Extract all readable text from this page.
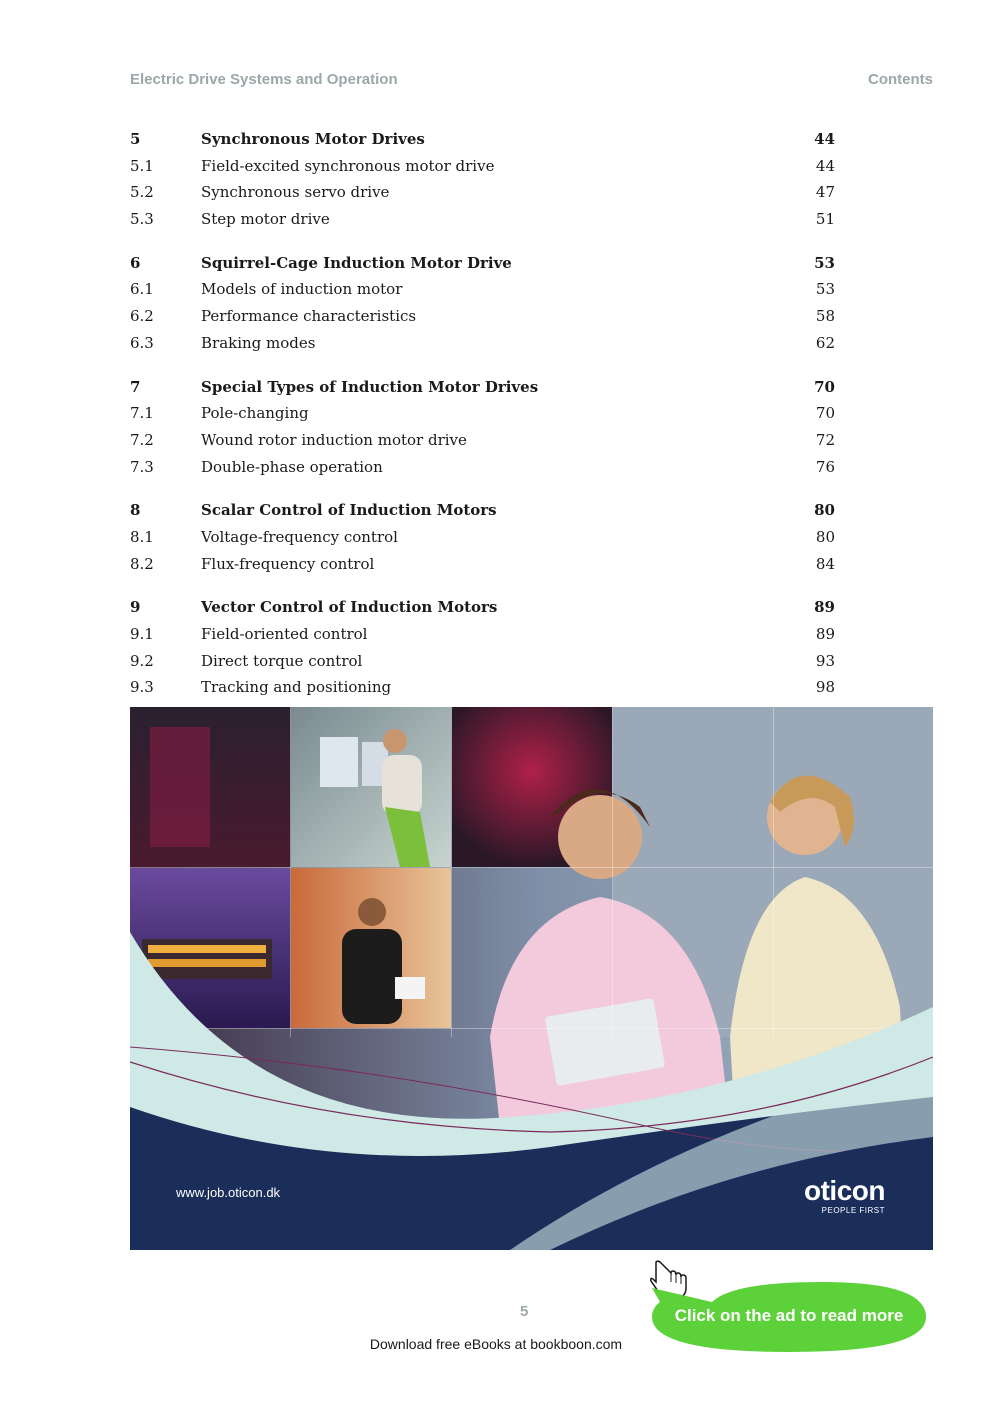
Electric Drive Systems and Operation	Contents
5	Synchronous Motor Drives	44
5.1	Field-excited synchronous motor drive	44
5.2	Synchronous servo drive	47
5.3	Step motor drive	51
6	Squirrel-Cage Induction Motor Drive	53
6.1	Models of induction motor	53
6.2	Performance characteristics	58
6.3	Braking modes	62
7	Special Types of Induction Motor Drives	70
7.1	Pole-changing	70
7.2	Wound rotor induction motor drive	72
7.3	Double-phase operation	76
8	Scalar Control of Induction Motors	80
8.1	Voltage-frequency control	80
8.2	Flux-frequency control	84
9	Vector Control of Induction Motors	89
9.1	Field-oriented control	89
9.2	Direct torque control	93
9.3	Tracking and positioning	98
www.job.oticon.dk	oticon
PEOPLE FIRST
Click on the ad to read more
5
Download free eBooks at bookboon.com
